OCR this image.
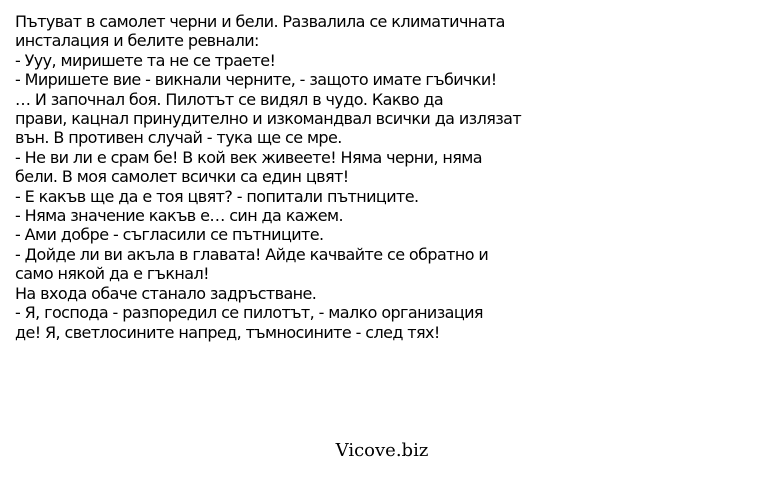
Пътуват в самолет черни и бели. Развалила се климатичната
инсталация и белите ревнали:
- Ууу, миришете та не се траете!
- Миришете вие - викнали черните, - защото имате гъбички!
… И започнал боя. Пилотът се видял в чудо. Какво да
прави, кацнал принудително и изкомандвал всички да излязат
вън. В противен случай - тука ще се мре.
- Не ви ли е срам бе! В кой век живеете! Няма черни, няма
бели. В моя самолет всички са един цвят!
- Е какъв ще да е тоя цвят? - попитали пътниците.
- Няма значение какъв е… син да кажем.
- Ами добре - съгласили се пътниците.
- Дойде ли ви акъла в главата! Айде качвайте се обратно и
само някой да е гъкнал!
На входа обаче станало задръстване.
- Я, господа - разпоредил се пилотът, - малко организация
де! Я, светлосините напред, тъмносините - след тях!
Vicove.biz
